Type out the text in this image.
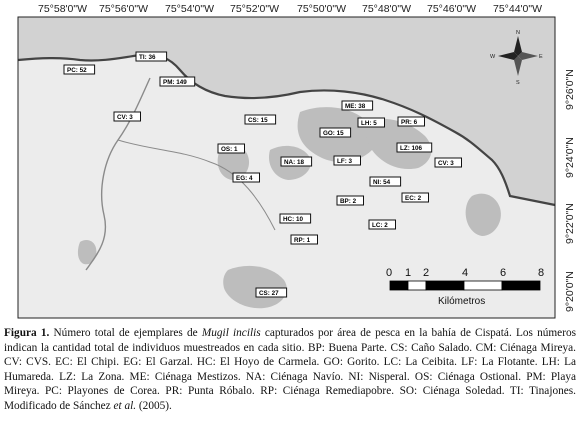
75°58'0"W 75°56'0"W 75°54'0"W 75°52'0"W 75°50'0"W 75°48'0"W 75°46'0"W 75°44'0"W
9°26'0"N
9°24'0"N
9°22'0"N
9°20'0"N
N
S
E
W
PC: 52
TI: 36
PM: 149
CV: 3	CS: 15
ME: 38
LH: 5	PR: 6
GO: 15
OS: 1
NA: 18	LF: 3
LZ: 106
CV: 3
EG: 4
NI: 54
BP: 2	EC: 2
HC: 10
LC: 2
RP: 1
CS: 27
0 1 2	4	6	8
Kilómetros
Figura 1. Número total de ejemplares de Mugil incilis capturados por área de pesca en la bahía de Cispatá. Los números indican la cantidad total de individuos muestreados en cada sitio. BP: Buena Parte. CS: Caño Salado. CM: Ciénaga Mireya. CV: CVS. EC: El Chipi. EG: El Garzal. HC: El Hoyo de Carmela. GO: Gorito. LC: La Ceibita. LF: La Flotante. LH: La Humareda. LZ: La Zona. ME: Ciénaga Mestizos. NA: Ciénaga Navío. NI: Nisperal. OS: Ciénaga Ostional. PM: Playa Mireya. PC: Playones de Corea. PR: Punta Róbalo. RP: Ciénaga Remediapobre. SO: Ciénaga Soledad. TI: Tinajones. Modificado de Sánchez et al. (2005).
